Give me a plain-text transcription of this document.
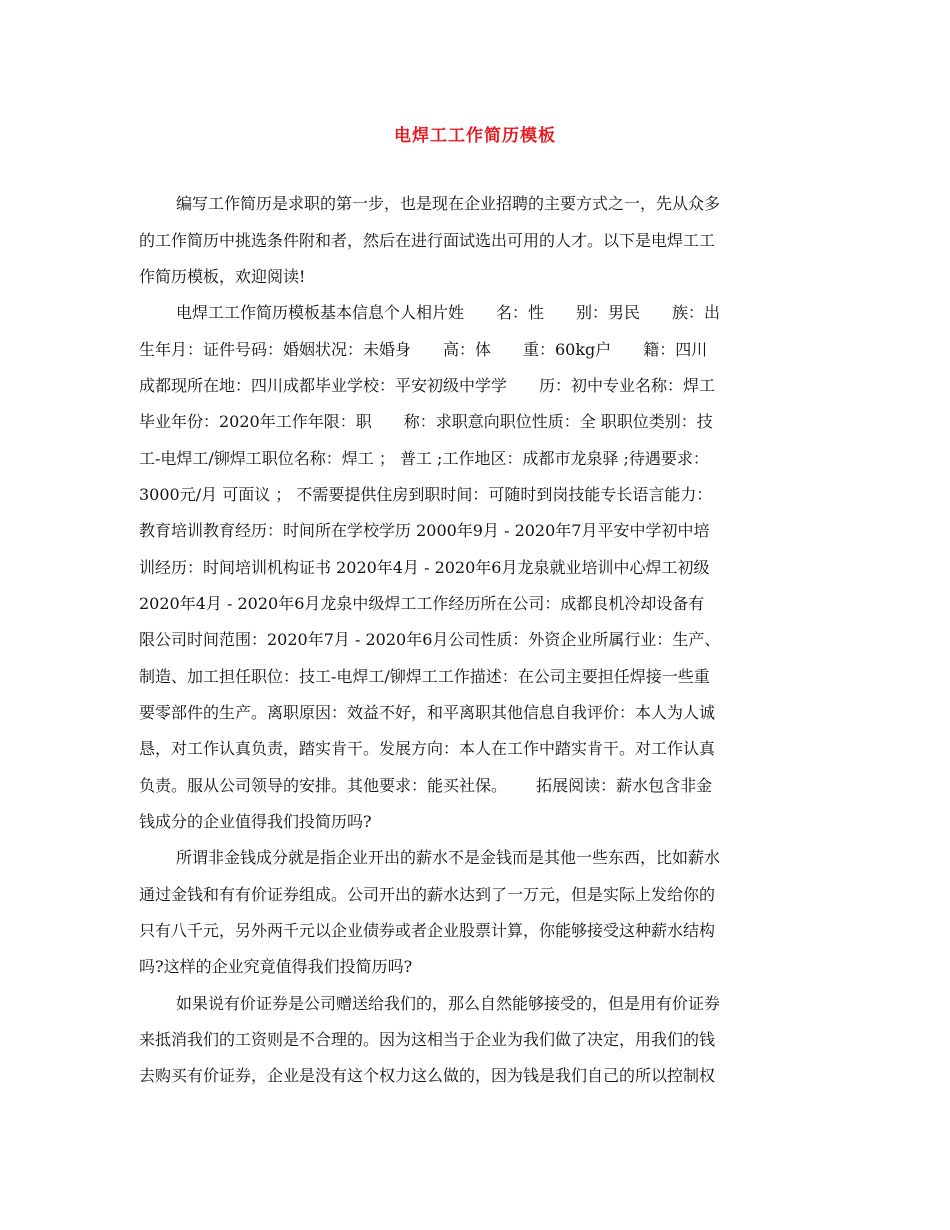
电焊工工作简历模板
编写工作简历是求职的第一步，也是现在企业招聘的主要方式之一，先从众多
的工作简历中挑选条件附和者，然后在进行面试选出可用的人才。以下是电焊工工
作简历模板，欢迎阅读!
电焊工工作简历模板基本信息个人相片姓　　名：性　　别：男民　　族：出
生年月：证件号码：婚姻状况：未婚身　　高：体　　重：60kg户　　籍：四川
成都现所在地：四川成都毕业学校：平安初级中学学　　历：初中专业名称：焊工
毕业年份：2020年工作年限：职　　称：求职意向职位性质：全 职职位类别：技
工-电焊工/铆焊工职位名称：焊工 ； 普工 ;工作地区：成都市龙泉驿 ;待遇要求：
3000元/月 可面议 ； 不需要提供住房到职时间：可随时到岗技能专长语言能力：
教育培训教育经历：时间所在学校学历 2000年9月 - 2020年7月平安中学初中培
训经历：时间培训机构证书 2020年4月 - 2020年6月龙泉就业培训中心焊工初级
2020年4月 - 2020年6月龙泉中级焊工工作经历所在公司：成都良机冷却设备有
限公司时间范围：2020年7月 - 2020年6月公司性质：外资企业所属行业：生产、
制造、加工担任职位：技工-电焊工/铆焊工工作描述：在公司主要担任焊接一些重
要零部件的生产。离职原因：效益不好，和平离职其他信息自我评价：本人为人诚
恳，对工作认真负责，踏实肯干。发展方向：本人在工作中踏实肯干。对工作认真
负责。服从公司领导的安排。其他要求：能买社保。　　 拓展阅读：薪水包含非金
钱成分的企业值得我们投简历吗?
所谓非金钱成分就是指企业开出的薪水不是金钱而是其他一些东西，比如薪水
通过金钱和有有价证券组成。公司开出的薪水达到了一万元，但是实际上发给你的
只有八千元，另外两千元以企业债券或者企业股票计算，你能够接受这种薪水结构
吗?这样的企业究竟值得我们投简历吗?
如果说有价证券是公司赠送给我们的，那么自然能够接受的，但是用有价证券
来抵消我们的工资则是不合理的。因为这相当于企业为我们做了决定，用我们的钱
去购买有价证券，企业是没有这个权力这么做的，因为钱是我们自己的所以控制权
